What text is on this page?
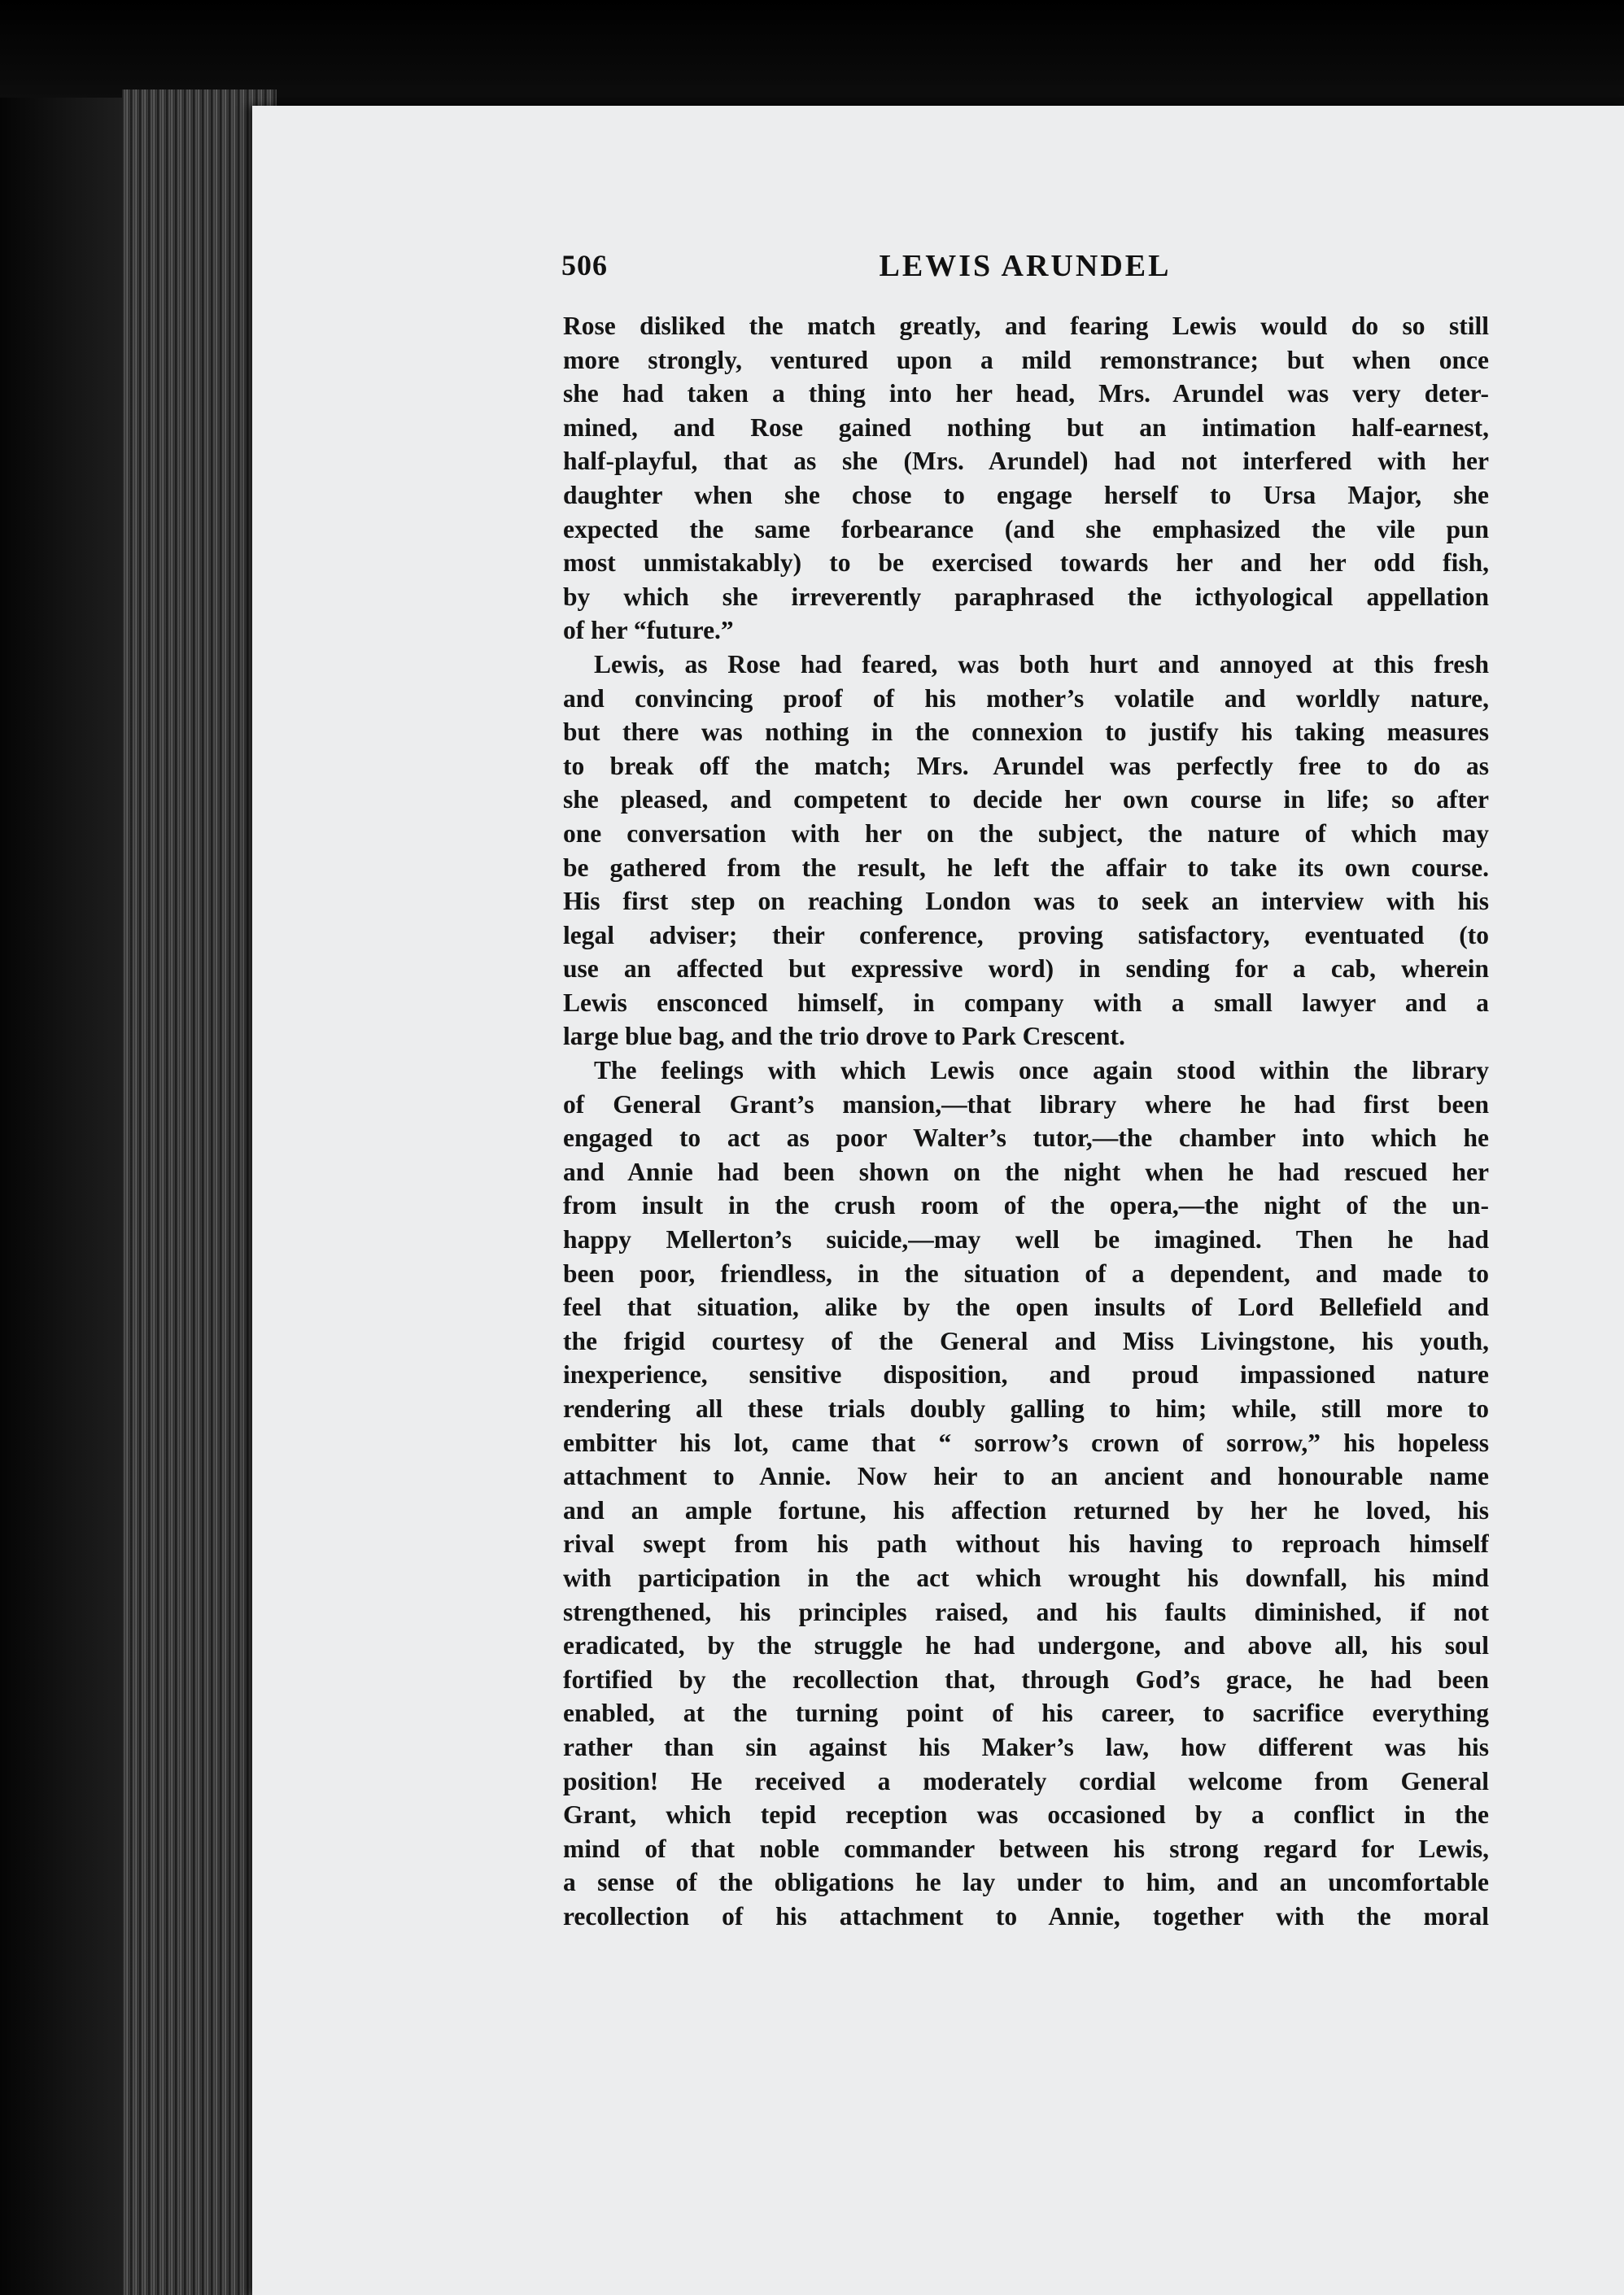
506	LEWIS ARUNDEL
Rose disliked the match greatly, and fearing Lewis would do so still
more strongly, ventured upon a mild remonstrance; but when once
she had taken a thing into her head, Mrs. Arundel was very deter-
mined, and Rose gained nothing but an intimation half-earnest,
half-playful, that as she (Mrs. Arundel) had not interfered with her
daughter when she chose to engage herself to Ursa Major, she
expected the same forbearance (and she emphasized the vile pun
most unmistakably) to be exercised towards her and her odd fish,
by which she irreverently paraphrased the icthyological appellation
of her “future.”
Lewis, as Rose had feared, was both hurt and annoyed at this fresh
and convincing proof of his mother’s volatile and worldly nature,
but there was nothing in the connexion to justify his taking measures
to break off the match; Mrs. Arundel was perfectly free to do as
she pleased, and competent to decide her own course in life; so after
one conversation with her on the subject, the nature of which may
be gathered from the result, he left the affair to take its own course.
His first step on reaching London was to seek an interview with his
legal adviser; their conference, proving satisfactory, eventuated (to
use an affected but expressive word) in sending for a cab, wherein
Lewis ensconced himself, in company with a small lawyer and a
large blue bag, and the trio drove to Park Crescent.
The feelings with which Lewis once again stood within the library
of General Grant’s mansion,—that library where he had first been
engaged to act as poor Walter’s tutor,—the chamber into which he
and Annie had been shown on the night when he had rescued her
from insult in the crush room of the opera,—the night of the un-
happy Mellerton’s suicide,—may well be imagined. Then he had
been poor, friendless, in the situation of a dependent, and made to
feel that situation, alike by the open insults of Lord Bellefield and
the frigid courtesy of the General and Miss Livingstone, his youth,
inexperience, sensitive disposition, and proud impassioned nature
rendering all these trials doubly galling to him; while, still more to
embitter his lot, came that “ sorrow’s crown of sorrow,” his hopeless
attachment to Annie. Now heir to an ancient and honourable name
and an ample fortune, his affection returned by her he loved, his
rival swept from his path without his having to reproach himself
with participation in the act which wrought his downfall, his mind
strengthened, his principles raised, and his faults diminished, if not
eradicated, by the struggle he had undergone, and above all, his soul
fortified by the recollection that, through God’s grace, he had been
enabled, at the turning point of his career, to sacrifice everything
rather than sin against his Maker’s law, how different was his
position! He received a moderately cordial welcome from General
Grant, which tepid reception was occasioned by a conflict in the
mind of that noble commander between his strong regard for Lewis,
a sense of the obligations he lay under to him, and an uncomfortable
recollection of his attachment to Annie, together with the moral
